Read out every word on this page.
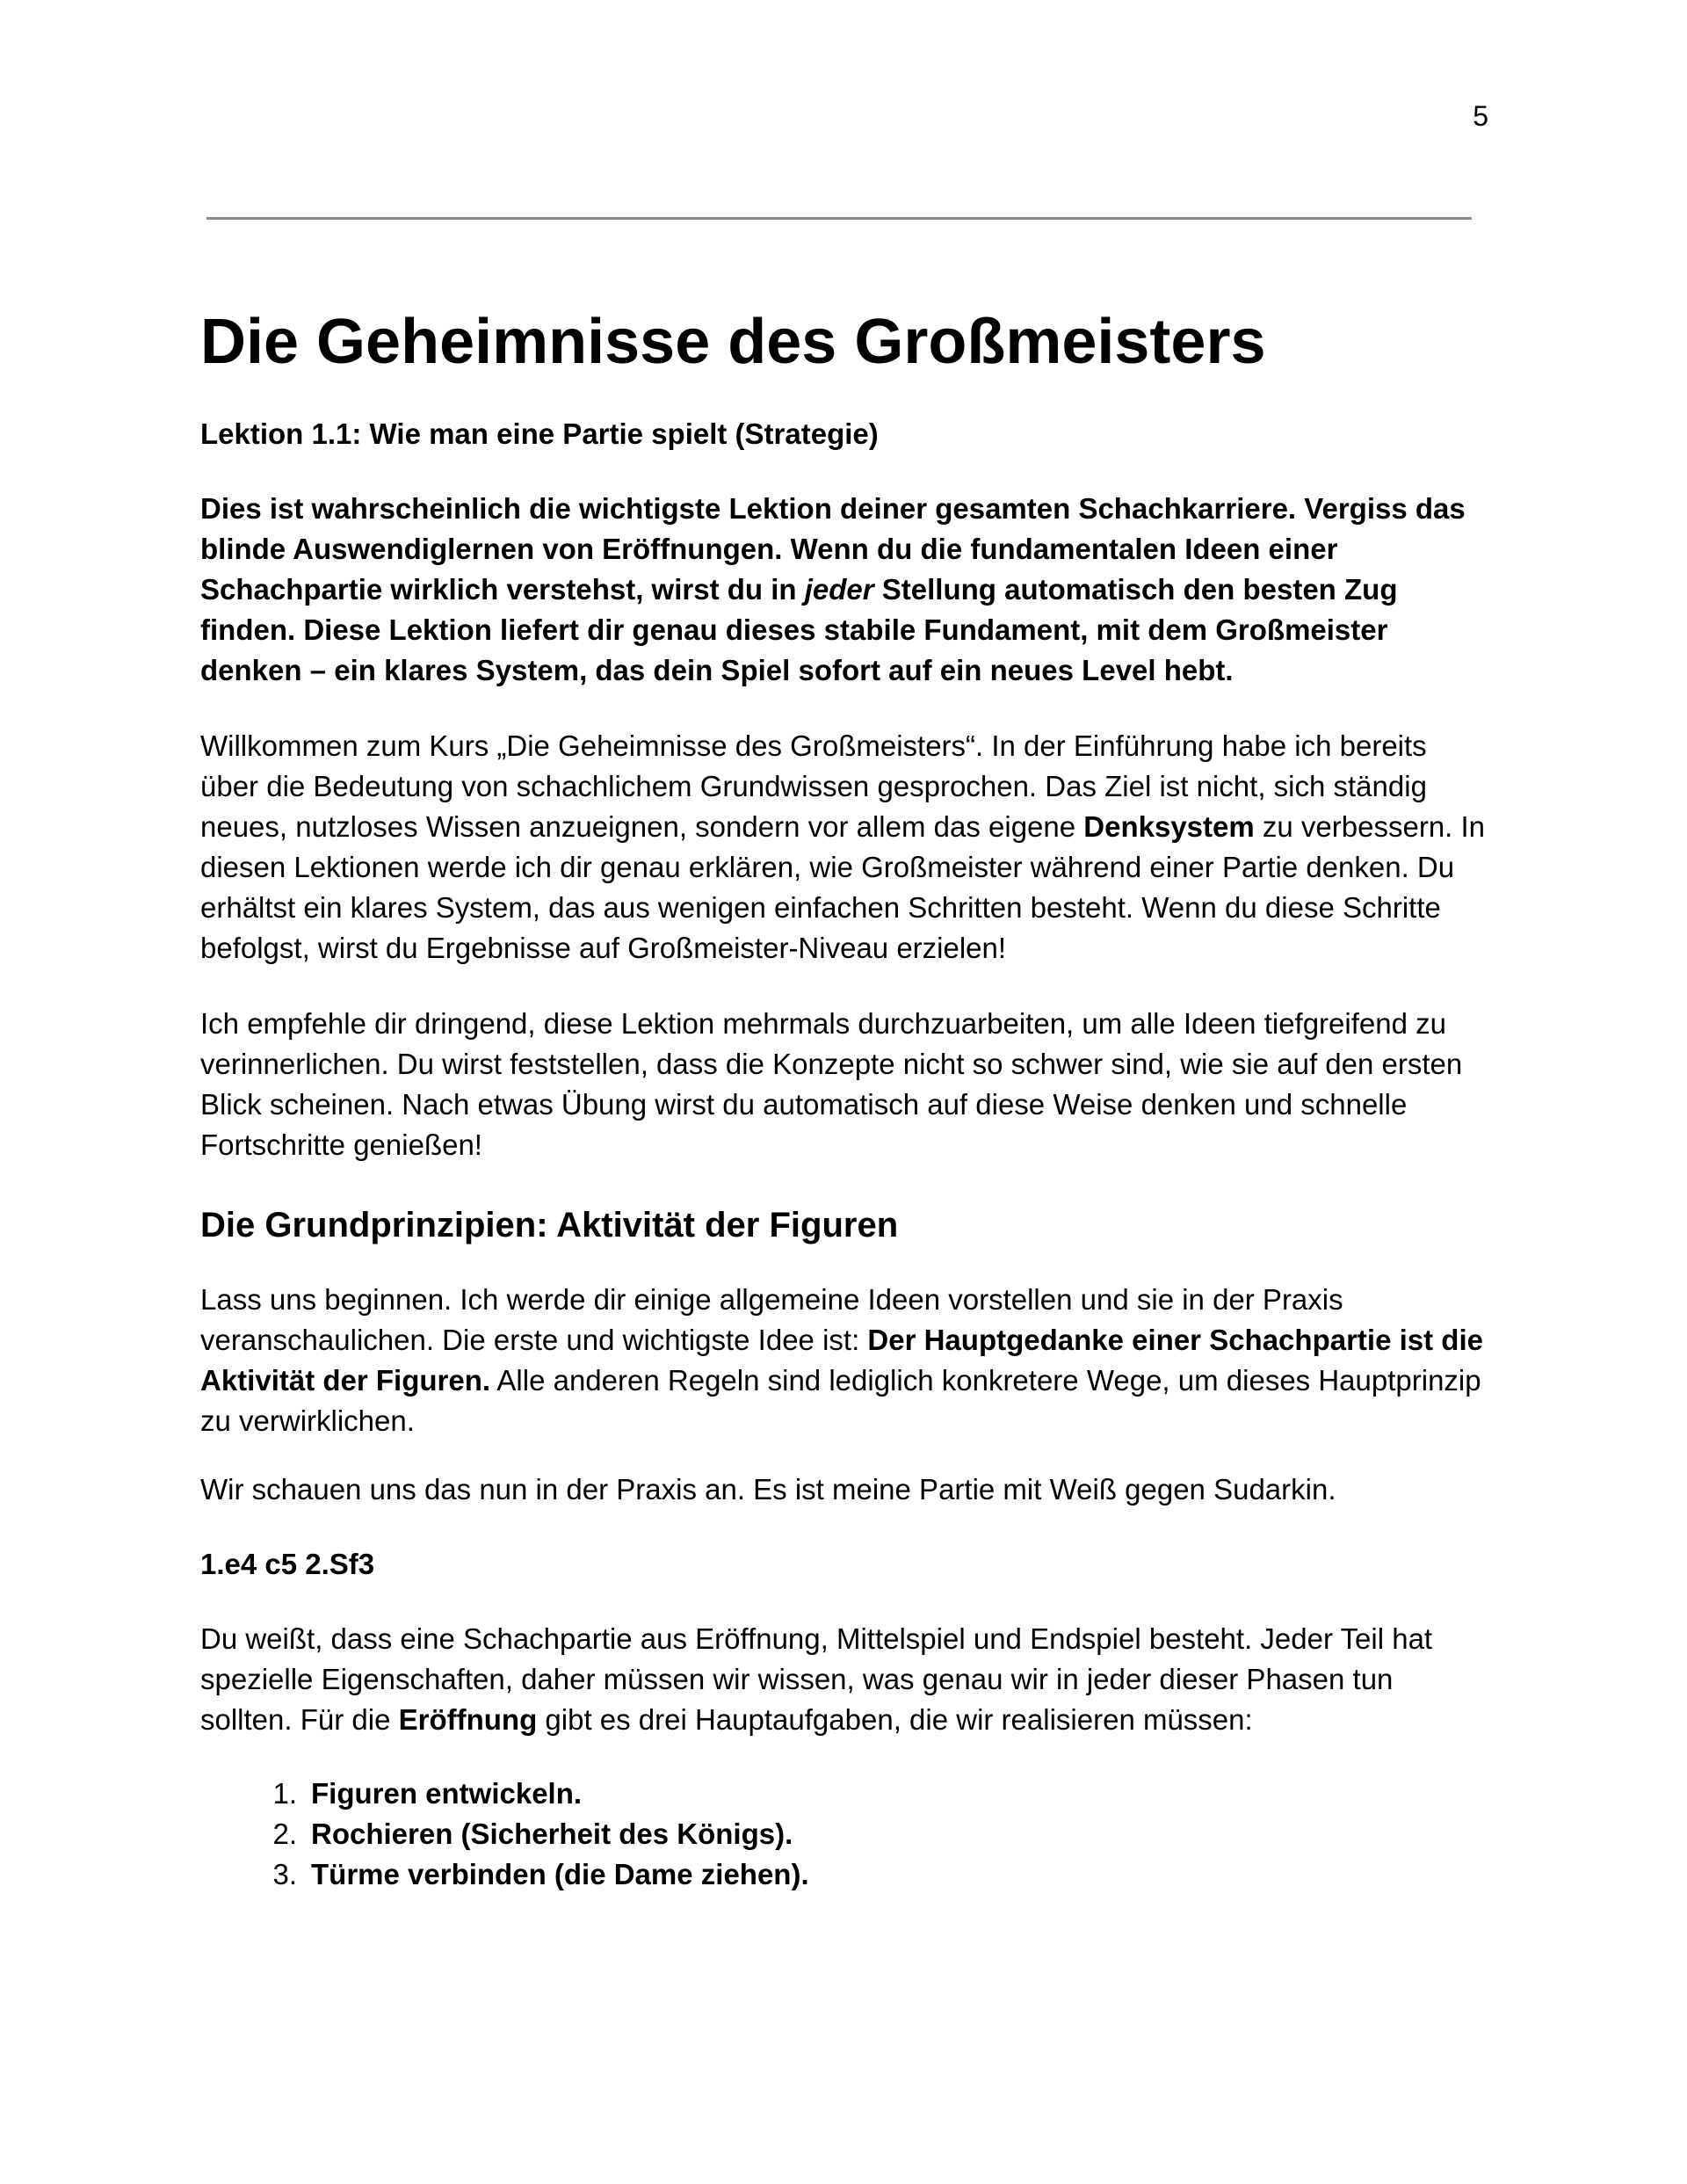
5
Die Geheimnisse des Großmeisters

Lektion 1.1: Wie man eine Partie spielt (Strategie)

Dies ist wahrscheinlich die wichtigste Lektion deiner gesamten Schachkarriere. Vergiss das blinde Auswendiglernen von Eröffnungen. Wenn du die fundamentalen Ideen einer Schachpartie wirklich verstehst, wirst du in jeder Stellung automatisch den besten Zug finden. Diese Lektion liefert dir genau dieses stabile Fundament, mit dem Großmeister denken – ein klares System, das dein Spiel sofort auf ein neues Level hebt.

Willkommen zum Kurs „Die Geheimnisse des Großmeisters“. In der Einführung habe ich bereits über die Bedeutung von schachlichem Grundwissen gesprochen. Das Ziel ist nicht, sich ständig neues, nutzloses Wissen anzueignen, sondern vor allem das eigene Denksystem zu verbessern. In diesen Lektionen werde ich dir genau erklären, wie Großmeister während einer Partie denken. Du erhältst ein klares System, das aus wenigen einfachen Schritten besteht. Wenn du diese Schritte befolgst, wirst du Ergebnisse auf Großmeister-Niveau erzielen!

Ich empfehle dir dringend, diese Lektion mehrmals durchzuarbeiten, um alle Ideen tiefgreifend zu verinnerlichen. Du wirst feststellen, dass die Konzepte nicht so schwer sind, wie sie auf den ersten Blick scheinen. Nach etwas Übung wirst du automatisch auf diese Weise denken und schnelle Fortschritte genießen!

Die Grundprinzipien: Aktivität der Figuren

Lass uns beginnen. Ich werde dir einige allgemeine Ideen vorstellen und sie in der Praxis veranschaulichen. Die erste und wichtigste Idee ist: Der Hauptgedanke einer Schachpartie ist die Aktivität der Figuren. Alle anderen Regeln sind lediglich konkretere Wege, um dieses Hauptprinzip zu verwirklichen.

Wir schauen uns das nun in der Praxis an. Es ist meine Partie mit Weiß gegen Sudarkin.

1.e4 c5 2.Sf3

Du weißt, dass eine Schachpartie aus Eröffnung, Mittelspiel und Endspiel besteht. Jeder Teil hat spezielle Eigenschaften, daher müssen wir wissen, was genau wir in jeder dieser Phasen tun sollten. Für die Eröffnung gibt es drei Hauptaufgaben, die wir realisieren müssen:

1. Figuren entwickeln.
2. Rochieren (Sicherheit des Königs).
3. Türme verbinden (die Dame ziehen).
